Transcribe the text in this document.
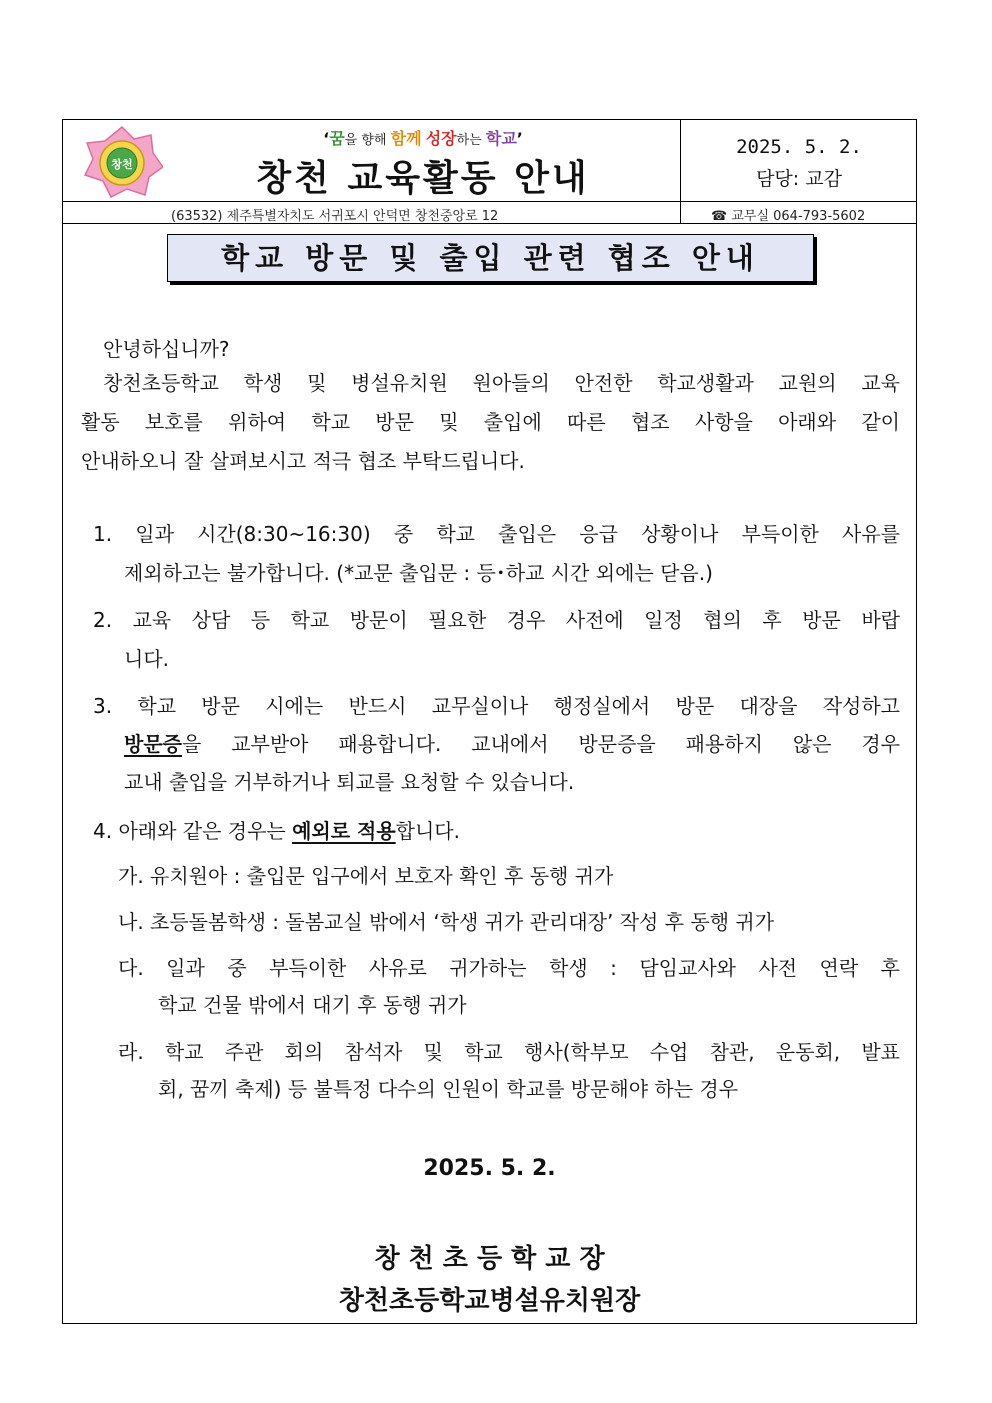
창천
‘꿈을 향해 함께 성장하는 학교’
창천 교육활동 안내
2025. 5. 2.
담당: 교감
(63532) 제주특별자치도 서귀포시 안덕면 창천중앙로 12	☎ 교무실 064-793-5602
학교 방문 및 출입 관련 협조 안내

안녕하십니까?

창천초등학교 학생 및 병설유치원 원아들의 안전한 학교생활과 교원의 교육

활동 보호를 위하여 학교 방문 및 출입에 따른 협조 사항을 아래와 같이

안내하오니 잘 살펴보시고 적극 협조 부탁드립니다.

1. 일과 시간(8:30~16:30) 중 학교 출입은 응급 상황이나 부득이한 사유를

제외하고는 불가합니다. (*교문 출입문 : 등･하교 시간 외에는 닫음.)

2. 교육 상담 등 학교 방문이 필요한 경우 사전에 일정 협의 후 방문 바랍

니다.

3. 학교 방문 시에는 반드시 교무실이나 행정실에서 방문 대장을 작성하고

방문증을 교부받아 패용합니다. 교내에서 방문증을 패용하지 않은 경우

교내 출입을 거부하거나 퇴교를 요청할 수 있습니다.

4. 아래와 같은 경우는 예외로 적용합니다.

가. 유치원아 : 출입문 입구에서 보호자 확인 후 동행 귀가

나. 초등돌봄학생 : 돌봄교실 밖에서 ‘학생 귀가 관리대장’ 작성 후 동행 귀가

다. 일과 중 부득이한 사유로 귀가하는 학생 : 담임교사와 사전 연락 후

학교 건물 밖에서 대기 후 동행 귀가

라. 학교 주관 회의 참석자 및 학교 행사(학부모 수업 참관, 운동회, 발표

회, 꿈끼 축제) 등 불특정 다수의 인원이 학교를 방문해야 하는 경우

2025. 5. 2.
창 천 초 등 학 교 장
창천초등학교병설유치원장
